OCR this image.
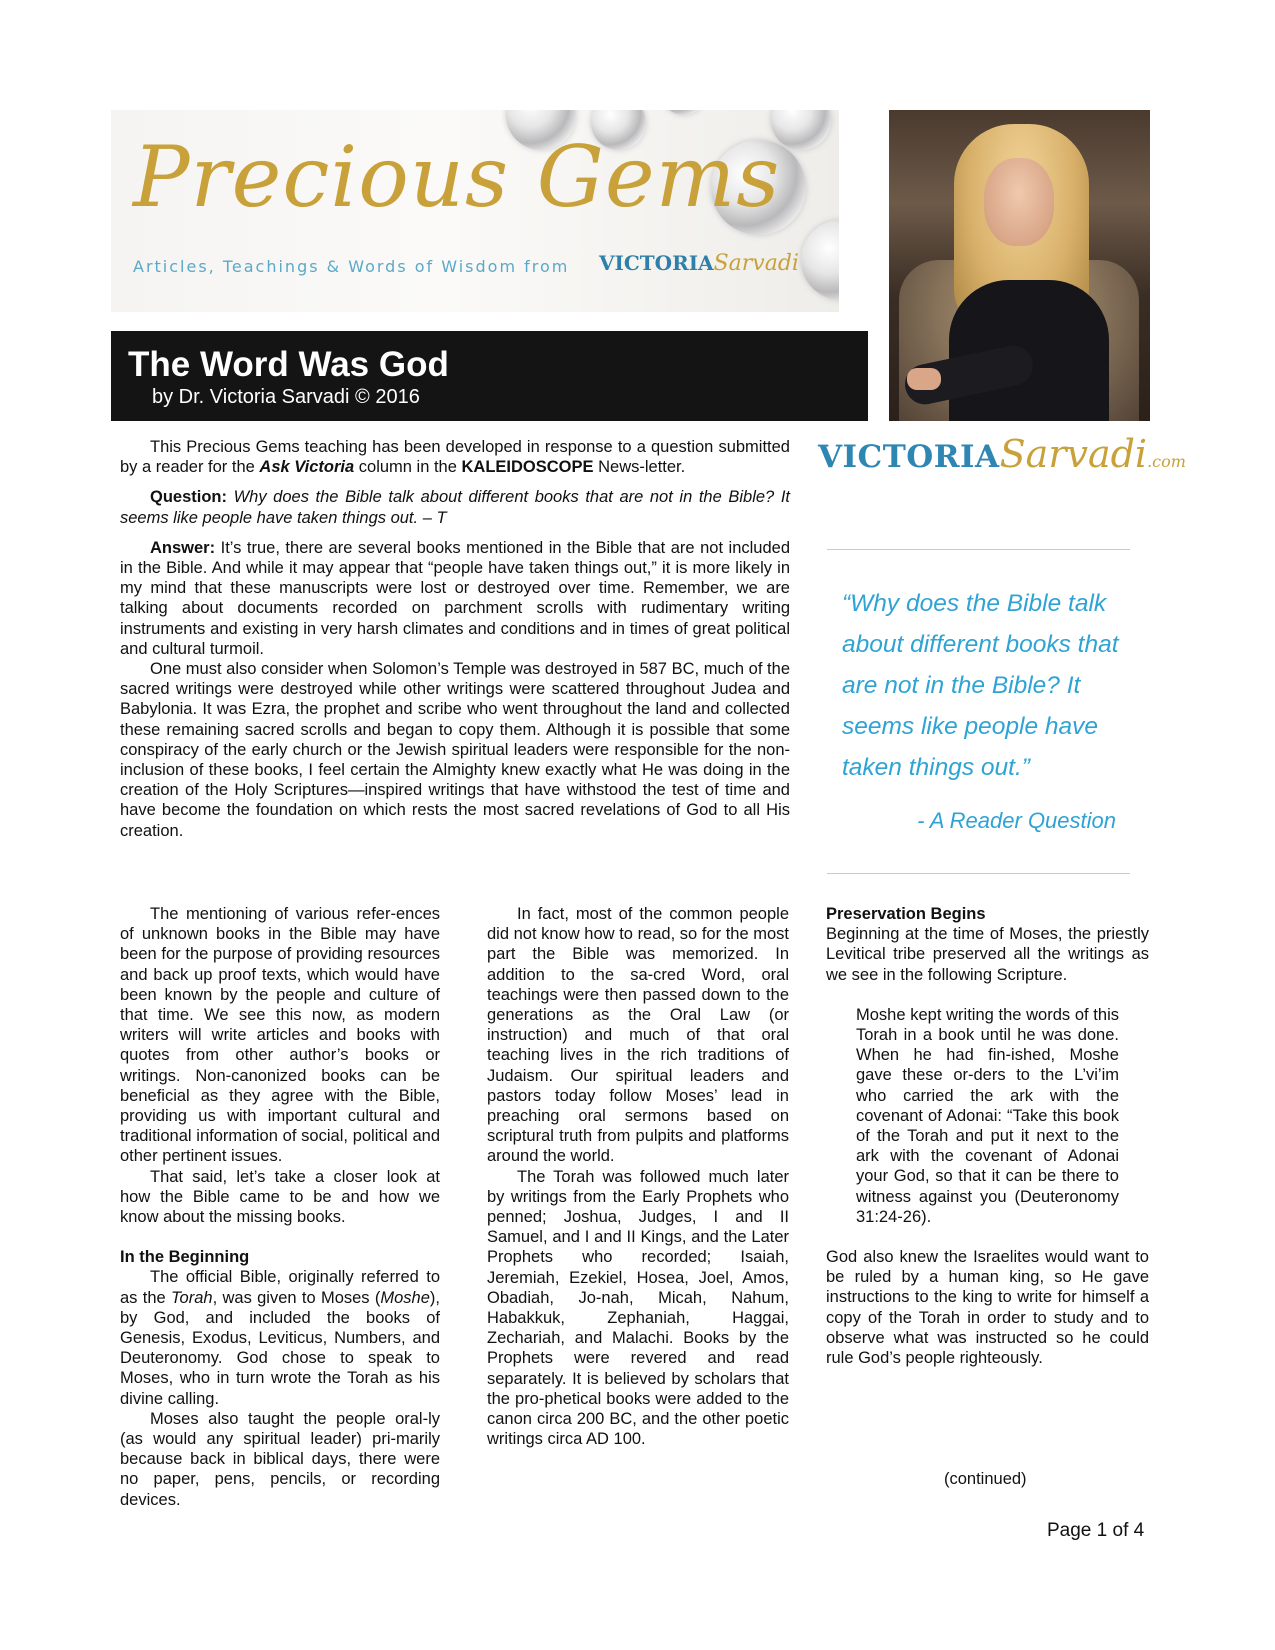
Precious Gems
Articles, Teachings & Words of Wisdom from VICTORIASarvadi
The Word Was God
by Dr. Victoria Sarvadi © 2016
VICTORIASarvadi.com

This Precious Gems teaching has been developed in response to a question submitted by a reader for the Ask Victoria column in the KALEIDOSCOPE News-letter.

Question: Why does the Bible talk about different books that are not in the Bible? It seems like people have taken things out. – T

Answer: It’s true, there are several books mentioned in the Bible that are not included in the Bible. And while it may appear that “people have taken things out,” it is more likely in my mind that these manuscripts were lost or destroyed over time. Remember, we are talking about documents recorded on parchment scrolls with rudimentary writing instruments and existing in very harsh climates and conditions and in times of great political and cultural turmoil.

One must also consider when Solomon’s Temple was destroyed in 587 BC, much of the sacred writings were destroyed while other writings were scattered throughout Judea and Babylonia. It was Ezra, the prophet and scribe who went throughout the land and collected these remaining sacred scrolls and began to copy them. Although it is possible that some conspiracy of the early church or the Jewish spiritual leaders were responsible for the non-inclusion of these books, I feel certain the Almighty knew exactly what He was doing in the creation of the Holy Scriptures—inspired writings that have withstood the test of time and have become the foundation on which rests the most sacred revelations of God to all His creation.

“Why does the Bible talk about different books that are not in the Bible? It seems like people have taken things out.”

- A Reader Question

The mentioning of various refer-ences of unknown books in the Bible may have been for the purpose of providing resources and back up proof texts, which would have been known by the people and culture of that time. We see this now, as modern writers will write articles and books with quotes from other author’s books or writings. Non-canonized books can be beneficial as they agree with the Bible, providing us with important cultural and traditional information of social, political and other pertinent issues.

That said, let’s take a closer look at how the Bible came to be and how we know about the missing books.

In the Beginning

The official Bible, originally referred to as the Torah, was given to Moses (Moshe), by God, and included the books of Genesis, Exodus, Leviticus, Numbers, and Deuteronomy. God chose to speak to Moses, who in turn wrote the Torah as his divine calling.

Moses also taught the people oral-ly (as would any spiritual leader) pri-marily because back in biblical days, there were no paper, pens, pencils, or recording devices.

In fact, most of the common people did not know how to read, so for the most part the Bible was memorized. In addition to the sa-cred Word, oral teachings were then passed down to the generations as the Oral Law (or instruction) and much of that oral teaching lives in the rich traditions of Judaism. Our spiritual leaders and pastors today follow Moses’ lead in preaching oral sermons based on scriptural truth from pulpits and platforms around the world.

The Torah was followed much later by writings from the Early Prophets who penned; Joshua, Judges, I and II Samuel, and I and II Kings, and the Later Prophets who recorded; Isaiah, Jeremiah, Ezekiel, Hosea, Joel, Amos, Obadiah, Jo-nah, Micah, Nahum, Habakkuk, Zephaniah, Haggai, Zechariah, and Malachi. Books by the Prophets were revered and read separately. It is believed by scholars that the pro-phetical books were added to the canon circa 200 BC, and the other poetic writings circa AD 100.

Preservation Begins

Beginning at the time of Moses, the priestly Levitical tribe preserved all the writings as we see in the following Scripture.

Moshe kept writing the words of this Torah in a book until he was done. When he had fin-ished, Moshe gave these or-ders to the L’vi’im who carried the ark with the covenant of Adonai: “Take this book of the Torah and put it next to the ark with the covenant of Adonai your God, so that it can be there to witness against you (Deuteronomy 31:24-26).

God also knew the Israelites would want to be ruled by a human king, so He gave instructions to the king to write for himself a copy of the Torah in order to study and to observe what was instructed so he could rule God’s people righteously.

(continued)
Page 1 of 4
